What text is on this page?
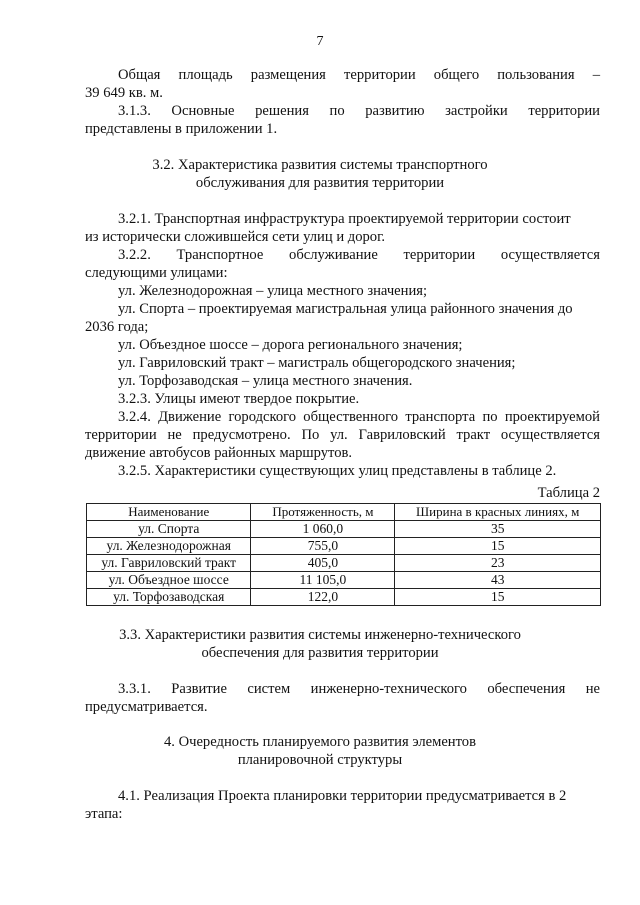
7
Общая площадь размещения территории общего пользования –
39 649 кв. м.
3.1.3. Основные решения по развитию застройки территории
представлены в приложении 1.
3.2. Характеристика развития системы транспортного
обслуживания для развития территории
3.2.1. Транспортная инфраструктура проектируемой территории состоит
из исторически сложившейся сети улиц и дорог.
3.2.2. Транспортное обслуживание территории осуществляется
следующими улицами:
ул. Железнодорожная – улица местного значения;
ул. Спорта – проектируемая магистральная улица районного значения до
2036 года;
ул. Объездное шоссе – дорога регионального значения;
ул. Гавриловский тракт – магистраль общегородского значения;
ул. Торфозаводская – улица местного значения.
3.2.3. Улицы имеют твердое покрытие.
3.2.4. Движение городского общественного транспорта по проектируемой
территории не предусмотрено. По ул. Гавриловский тракт осуществляется
движение автобусов районных маршрутов.
3.2.5. Характеристики существующих улиц представлены в таблице 2.
Таблица 2
Наименование	Протяженность, м	Ширина в красных линиях, м
ул. Спорта	1 060,0	35
ул. Железнодорожная	755,0	15
ул. Гавриловский тракт	405,0	23
ул. Объездное шоссе	11 105,0	43
ул. Торфозаводская	122,0	15
3.3. Характеристики развития системы инженерно-технического
обеспечения для развития территории
3.3.1. Развитие систем инженерно-технического обеспечения не
предусматривается.
4. Очередность планируемого развития элементов
планировочной структуры
4.1. Реализация Проекта планировки территории предусматривается в 2
этапа:
